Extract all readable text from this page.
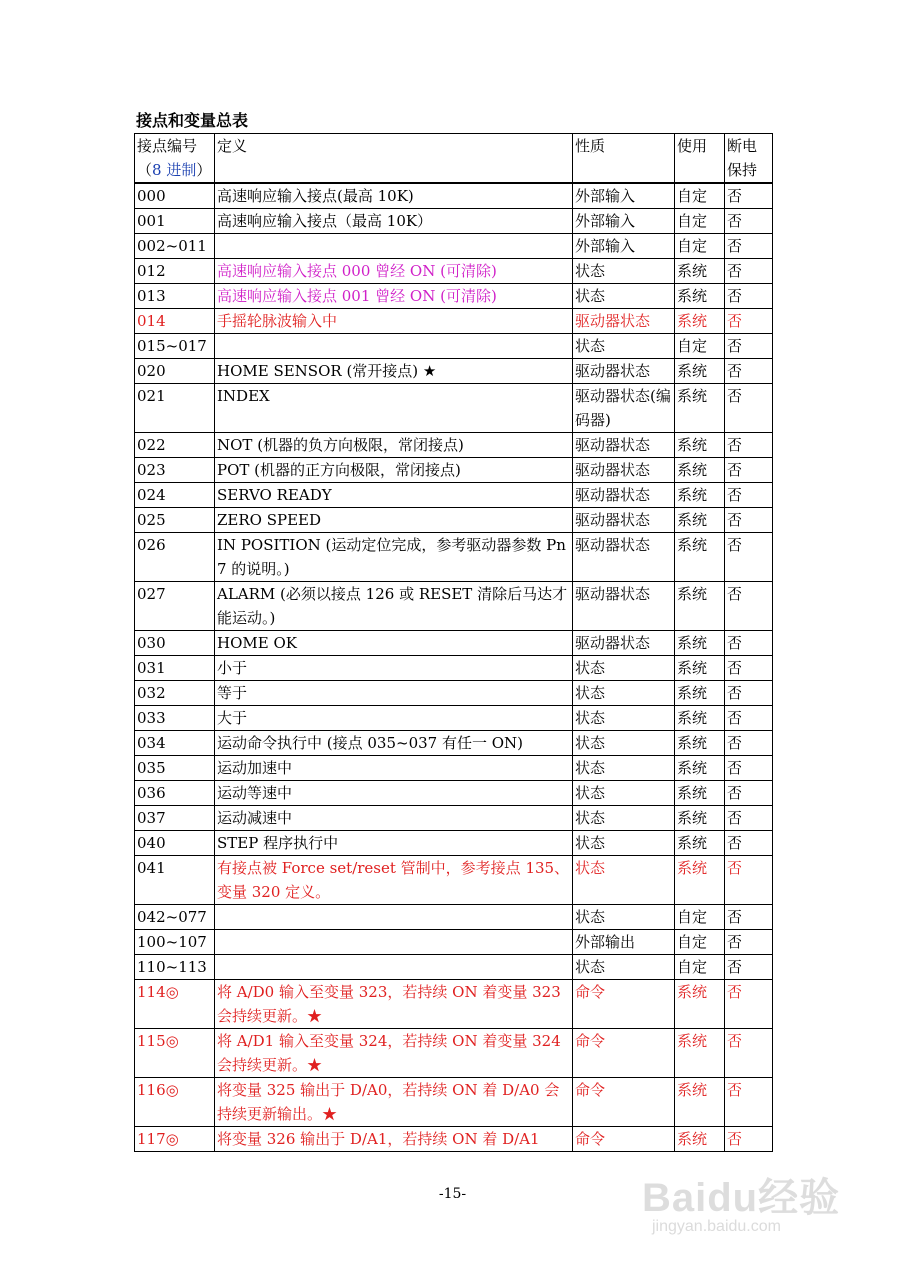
接点和变量总表
接点编号
（8 进制）	定义	性质	使用	断电保持
000	高速响应输入接点(最高 10K)	外部输入	自定	否
001	高速响应输入接点（最高 10K）	外部输入	自定	否
002~011		外部输入	自定	否
012	高速响应输入接点 000 曾经 ON (可清除)	状态	系统	否
013	高速响应输入接点 001 曾经 ON (可清除)	状态	系统	否
014	手摇轮脉波输入中	驱动器状态	系统	否
015~017		状态	自定	否
020	HOME SENSOR (常开接点) ★	驱动器状态	系统	否
021	INDEX	驱动器状态(编码器)	系统	否
022	NOT (机器的负方向极限，常闭接点)	驱动器状态	系统	否
023	POT (机器的正方向极限，常闭接点)	驱动器状态	系统	否
024	SERVO READY	驱动器状态	系统	否
025	ZERO SPEED	驱动器状态	系统	否
026	IN POSITION (运动定位完成，参考驱动器参数 Pn7 的说明。)	驱动器状态	系统	否
027	ALARM (必须以接点 126 或 RESET 清除后马达才能运动。)	驱动器状态	系统	否
030	HOME OK	驱动器状态	系统	否
031	小于	状态	系统	否
032	等于	状态	系统	否
033	大于	状态	系统	否
034	运动命令执行中 (接点 035~037 有任一 ON)	状态	系统	否
035	运动加速中	状态	系统	否
036	运动等速中	状态	系统	否
037	运动减速中	状态	系统	否
040	STEP 程序执行中	状态	系统	否
041	有接点被 Force set/reset 管制中，参考接点 135、变量 320 定义。	状态	系统	否
042~077		状态	自定	否
100~107		外部输出	自定	否
110~113		状态	自定	否
114◎	将 A/D0 输入至变量 323，若持续 ON 着变量 323 会持续更新。★	命令	系统	否
115◎	将 A/D1 输入至变量 324，若持续 ON 着变量 324 会持续更新。★	命令	系统	否
116◎	将变量 325 输出于 D/A0，若持续 ON 着 D/A0 会持续更新输出。★	命令	系统	否
117◎	将变量 326 输出于 D/A1，若持续 ON 着 D/A1	命令	系统	否
-15-	Baidu经验
jingyan.baidu.com
